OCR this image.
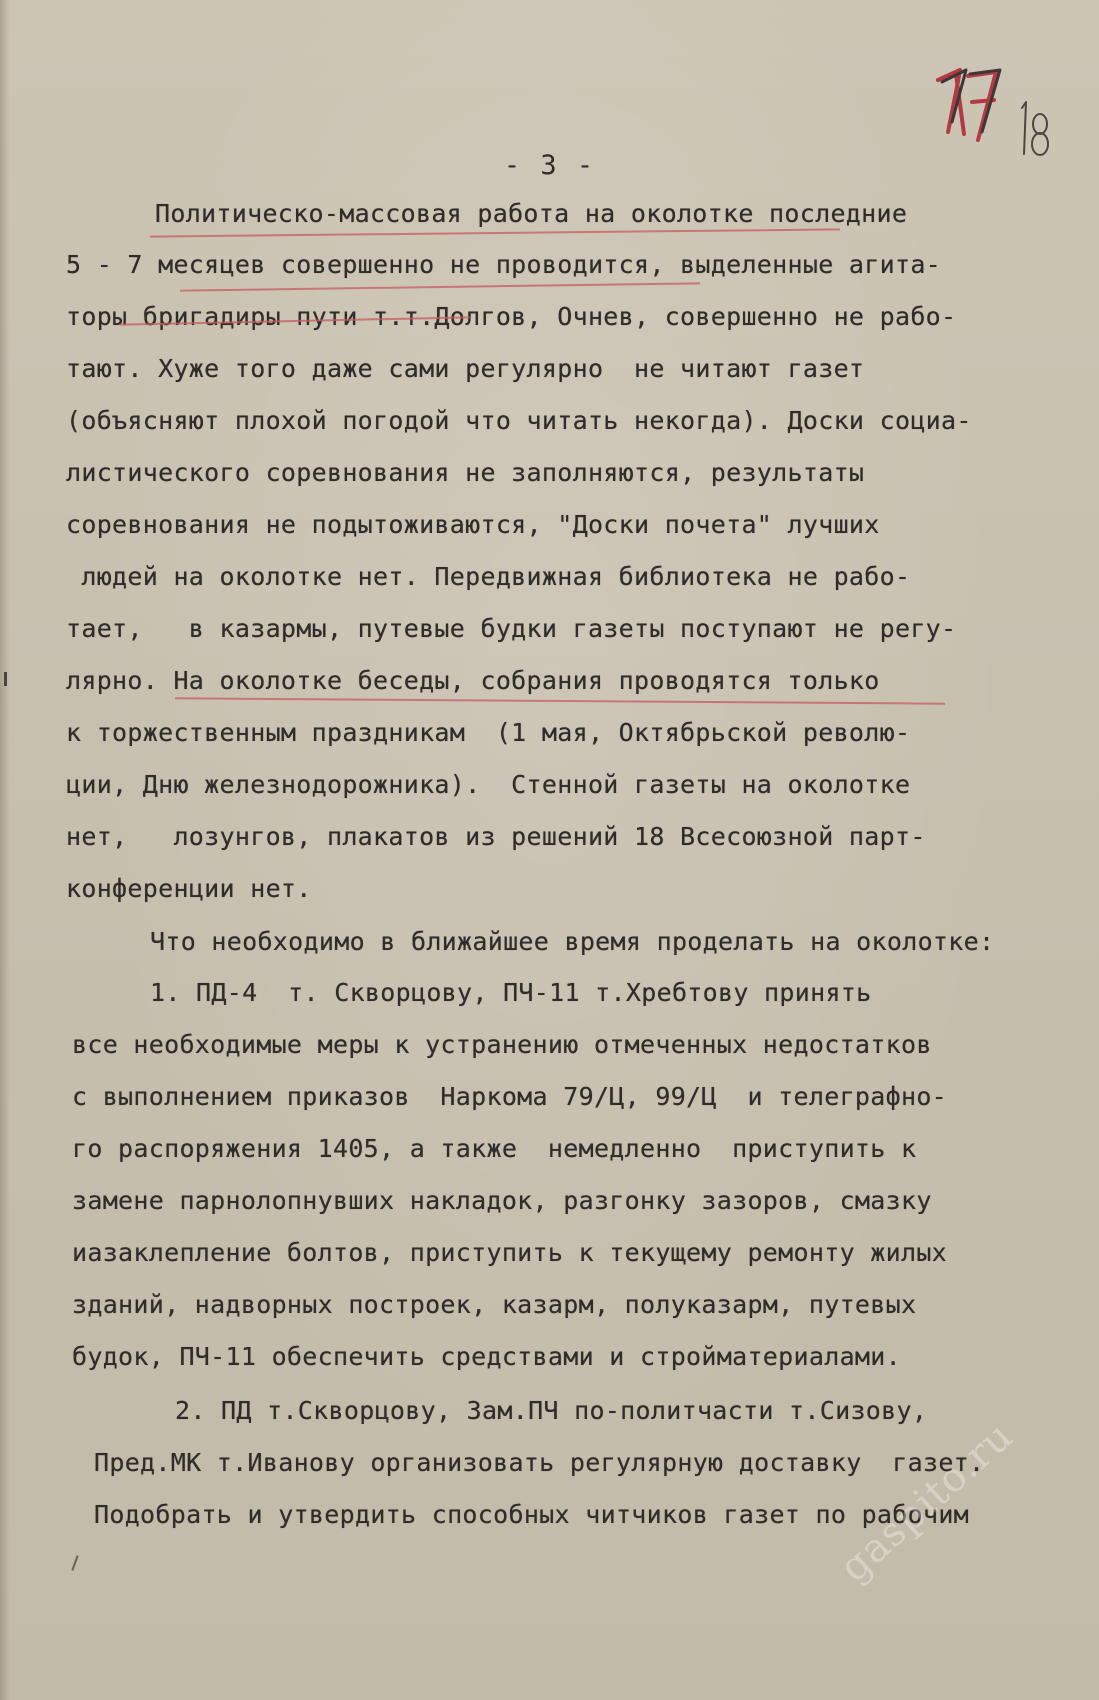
- 3 -
Политическо-массовая работа на околотке последние
5 - 7 месяцев совершенно не проводится, выделенные агита-
торы бригадиры пути т.т.Долгов, Очнев, совершенно не рабо-
тают. Хуже того даже сами регулярно  не читают газет
(объясняют плохой погодой что читать некогда). Доски социа-
листического соревнования не заполняются, результаты
соревнования не подытоживаются, "Доски почета" лучших
людей на околотке нет. Передвижная библиотека не рабо-
тает,   в казармы, путевые будки газеты поступают не регу-
лярно. На околотке беседы, собрания проводятся только
к торжественным праздникам  (1 мая, Октябрьской револю-
ции, Дню железнодорожника).  Стенной газеты на околотке
нет,   лозунгов, плакатов из решений 18 Всесоюзной парт-
конференции нет.
Что необходимо в ближайшее время проделать на околотке:
1. ПД-4  т. Скворцову, ПЧ-11 т.Хребтову принять
все необходимые меры к устранению отмеченных недостатков
с выполнением приказов  Наркома 79/Ц, 99/Ц  и телеграфно-
го распоряжения 1405, а также  немедленно  приступить к
замене парнолопнувших накладок, разгонку зазоров, смазку
иазаклепление болтов, приступить к текущему ремонту жилых
зданий, надворных построек, казарм, полуказарм, путевых
будок, ПЧ-11 обеспечить средствами и стройматериалами.
2. ПД т.Скворцову, Зам.ПЧ по-политчасти т.Сизову,
Пред.МК т.Иванову организовать регулярную доставку  газет.
Подобрать и утвердить способных читчиков газет по рабочим
gaspito.ru
